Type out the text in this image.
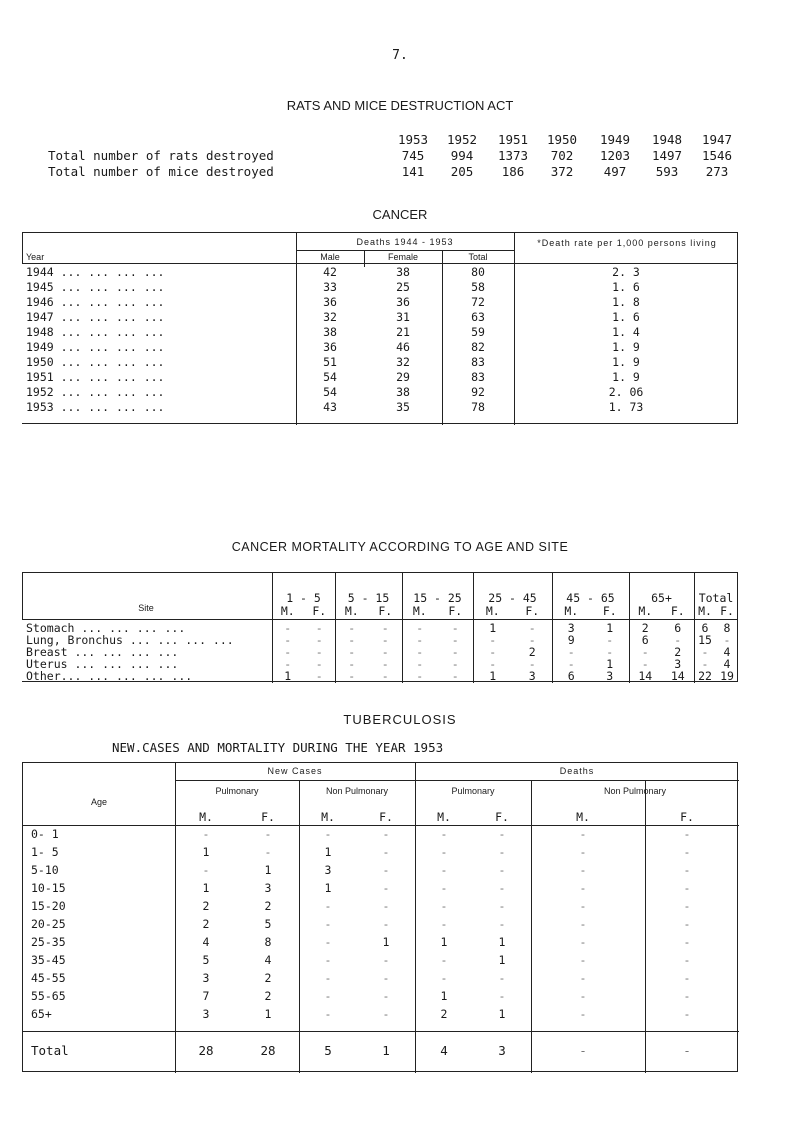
7.
RATS AND MICE DESTRUCTION ACT
1953	1952	1951	1950	1949	1948	1947
Total number of rats destroyed	745	994	1373	702	1203	1497	1546
Total number of mice destroyed	141	205	186	372	497	593	273
CANCER
Deaths 1944 - 1953	*Death rate per 1,000 persons living
Year	Male	Female	Total
1944 ... ... ... ...	42	38	80	2. 3
1945 ... ... ... ...	33	25	58	1. 6
1946 ... ... ... ...	36	36	72	1. 8
1947 ... ... ... ...	32	31	63	1. 6
1948 ... ... ... ...	38	21	59	1. 4
1949 ... ... ... ...	36	46	82	1. 9
1950 ... ... ... ...	51	32	83	1. 9
1951 ... ... ... ...	54	29	83	1. 9
1952 ... ... ... ...	54	38	92	2. 06
1953 ... ... ... ...	43	35	78	1. 73
CANCER MORTALITY ACCORDING TO AGE AND SITE
Site
1 - 5
M.	F.
5 - 15
M.	F.
15 - 25
M.	F.
25 - 45
M.	F.
45 - 65
M.	F.
65+
M.	F.
Total
M. F.
Stomach ... ... ... ...	-	-	-	-	-	-	1	-	3	1	2	6	6	8
Lung, Bronchus ... ... ... ...	-	-	-	-	-	-	-	-	9	-	6	-	15	-
Breast ... ... ... ...	-	-	-	-	-	-	-	2	-	-	-	2	-	4
Uterus ... ... ... ...	-	-	-	-	-	-	-	-	-	1	-	3	-	4
Other... ... ... ... ...	1	-	-	-	-	-	1	3	6	3	14	14	22 19
TUBERCULOSIS
NEW.CASES AND MORTALITY DURING THE YEAR 1953
Age
New Cases	Deaths
Pulmonary	Non Pulmonary	Pulmonary	Non Pulmonary
M.	F.	M.	F.	M.	F.	M.	F.
0- 1	-	-	-	-	-	-	-	-
1- 5	1	-	1	-	-	-	-	-
5-10	-	1	3	-	-	-	-	-
10-15	1	3	1	-	-	-	-	-
15-20	2	2	-	-	-	-	-	-
20-25	2	5	-	-	-	-	-	-
25-35	4	8	-	1	1	1	-	-
35-45	5	4	-	-	-	1	-	-
45-55	3	2	-	-	-	-	-	-
55-65	7	2	-	-	1	-	-	-
65+	3	1	-	-	2	1	-	-
Total	28	28	5	1	4	3	-	-
